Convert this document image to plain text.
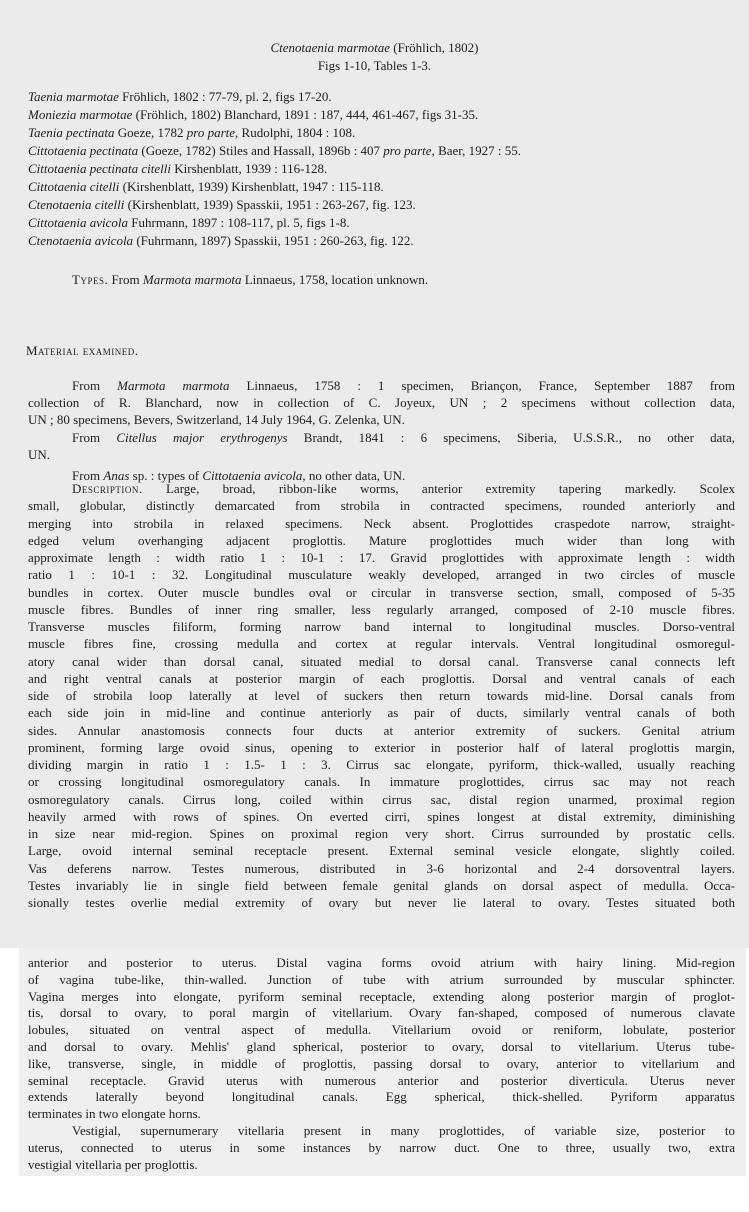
Ctenotaenia marmotae (Fröhlich, 1802)
Figs 1-10, Tables 1-3.
Taenia marmotae Fröhlich, 1802 : 77-79, pl. 2, figs 17-20.
Moniezia marmotae (Fröhlich, 1802) Blanchard, 1891 : 187, 444, 461-467, figs 31-35.
Taenia pectinata Goeze, 1782 pro parte, Rudolphi, 1804 : 108.
Cittotaenia pectinata (Goeze, 1782) Stiles and Hassall, 1896b : 407 pro parte, Baer, 1927 : 55.
Cittotaenia pectinata citelli Kirshenblatt, 1939 : 116-128.
Cittotaenia citelli (Kirshenblatt, 1939) Kirshenblatt, 1947 : 115-118.
Ctenotaenia citelli (Kirshenblatt, 1939) Spasskii, 1951 : 263-267, fig. 123.
Cittotaenia avicola Fuhrmann, 1897 : 108-117, pl. 5, figs 1-8.
Ctenotaenia avicola (Fuhrmann, 1897) Spasskii, 1951 : 260-263, fig. 122.
Types. From Marmota marmota Linnaeus, 1758, location unknown.
Material examined.
From Marmota marmota Linnaeus, 1758 : 1 specimen, Briançon, France, September 1887 from
collection of R. Blanchard, now in collection of C. Joyeux, UN ; 2 specimens without collection data,
UN ; 80 specimens, Bevers, Switzerland, 14 July 1964, G. Zelenka, UN.
From Citellus major erythrogenys Brandt, 1841 : 6 specimens, Siberia, U.S.S.R., no other data,
UN.
From Anas sp. : types of Cittotaenia avicola, no other data, UN.
Description. Large, broad, ribbon-like worms, anterior extremity tapering markedly. Scolex
small, globular, distinctly demarcated from strobila in contracted specimens, rounded anteriorly and
merging into strobila in relaxed specimens. Neck absent. Proglottides craspedote narrow, straight-
edged velum overhanging adjacent proglottis. Mature proglottides much wider than long with
approximate length : width ratio 1 : 10-1 : 17. Gravid proglottides with approximate length : width
ratio 1 : 10-1 : 32. Longitudinal musculature weakly developed, arranged in two circles of muscle
bundles in cortex. Outer muscle bundles oval or circular in transverse section, small, composed of 5-35
muscle fibres. Bundles of inner ring smaller, less regularly arranged, composed of 2-10 muscle fibres.
Transverse muscles filiform, forming narrow band internal to longitudinal muscles. Dorso-ventral
muscle fibres fine, crossing medulla and cortex at regular intervals. Ventral longitudinal osmoregul-
atory canal wider than dorsal canal, situated medial to dorsal canal. Transverse canal connects left
and right ventral canals at posterior margin of each proglottis. Dorsal and ventral canals of each
side of strobila loop laterally at level of suckers then return towards mid-line. Dorsal canals from
each side join in mid-line and continue anteriorly as pair of ducts, similarly ventral canals of both
sides. Annular anastomosis connects four ducts at anterior extremity of suckers. Genital atrium
prominent, forming large ovoid sinus, opening to exterior in posterior half of lateral proglottis margin,
dividing margin in ratio 1 : 1.5- 1 : 3. Cirrus sac elongate, pyriform, thick-walled, usually reaching
or crossing longitudinal osmoregulatory canals. In immature proglottides, cirrus sac may not reach
osmoregulatory canals. Cirrus long, coiled within cirrus sac, distal region unarmed, proximal region
heavily armed with rows of spines. On everted cirri, spines longest at distal extremity, diminishing
in size near mid-region. Spines on proximal region very short. Cirrus surrounded by prostatic cells.
Large, ovoid internal seminal receptacle present. External seminal vesicle elongate, slightly coiled.
Vas deferens narrow. Testes numerous, distributed in 3-6 horizontal and 2-4 dorsoventral layers.
Testes invariably lie in single field between female genital glands on dorsal aspect of medulla. Occa-
sionally testes overlie medial extremity of ovary but never lie lateral to ovary. Testes situated both
anterior and posterior to uterus. Distal vagina forms ovoid atrium with hairy lining. Mid-region
of vagina tube-like, thin-walled. Junction of tube with atrium surrounded by muscular sphincter.
Vagina merges into elongate, pyriform seminal receptacle, extending along posterior margin of proglot-
tis, dorsal to ovary, to poral margin of vitellarium. Ovary fan-shaped, composed of numerous clavate
lobules, situated on ventral aspect of medulla. Vitellarium ovoid or reniform, lobulate, posterior
and dorsal to ovary. Mehlis' gland spherical, posterior to ovary, dorsal to vitellarium. Uterus tube-
like, transverse, single, in middle of proglottis, passing dorsal to ovary, anterior to vitellarium and
seminal receptacle. Gravid uterus with numerous anterior and posterior diverticula. Uterus never
extends laterally beyond longitudinal canals. Egg spherical, thick-shelled. Pyriform apparatus
terminates in two elongate horns.
Vestigial, supernumerary vitellaria present in many proglottides, of variable size, posterior to
uterus, connected to uterus in some instances by narrow duct. One to three, usually two, extra
vestigial vitellaria per proglottis.
